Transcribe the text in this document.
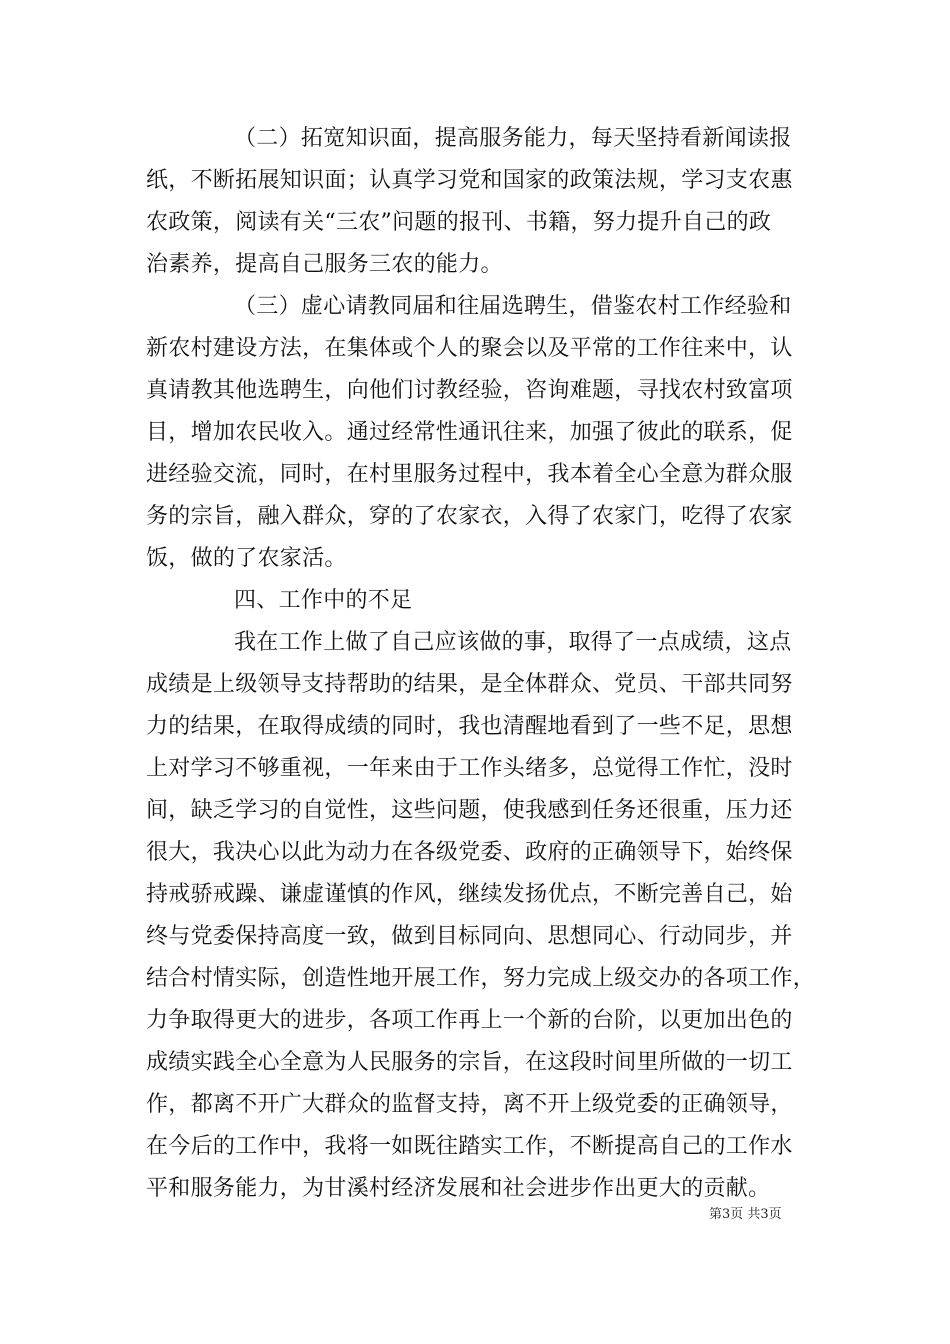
（二）拓宽知识面，提高服务能力，每天坚持看新闻读报
纸，不断拓展知识面；认真学习党和国家的政策法规，学习支农惠
农政策，阅读有关“三农”问题的报刊、书籍，努力提升自己的政
治素养，提高自己服务三农的能力。
（三）虚心请教同届和往届选聘生，借鉴农村工作经验和
新农村建设方法，在集体或个人的聚会以及平常的工作往来中，认
真请教其他选聘生，向他们讨教经验，咨询难题，寻找农村致富项
目，增加农民收入。通过经常性通讯往来，加强了彼此的联系，促
进经验交流，同时，在村里服务过程中，我本着全心全意为群众服
务的宗旨，融入群众，穿的了农家衣，入得了农家门，吃得了农家
饭，做的了农家活。
四、工作中的不足
我在工作上做了自己应该做的事，取得了一点成绩，这点
成绩是上级领导支持帮助的结果，是全体群众、党员、干部共同努
力的结果，在取得成绩的同时，我也清醒地看到了一些不足，思想
上对学习不够重视，一年来由于工作头绪多，总觉得工作忙，没时
间，缺乏学习的自觉性，这些问题，使我感到任务还很重，压力还
很大，我决心以此为动力在各级党委、政府的正确领导下，始终保
持戒骄戒躁、谦虚谨慎的作风，继续发扬优点，不断完善自己，始
终与党委保持高度一致，做到目标同向、思想同心、行动同步，并
结合村情实际，创造性地开展工作，努力完成上级交办的各项工作，
力争取得更大的进步，各项工作再上一个新的台阶，以更加出色的
成绩实践全心全意为人民服务的宗旨，在这段时间里所做的一切工
作，都离不开广大群众的监督支持，离不开上级党委的正确领导，
在今后的工作中，我将一如既往踏实工作，不断提高自己的工作水
平和服务能力，为甘溪村经济发展和社会进步作出更大的贡献。
第3页 共3页
